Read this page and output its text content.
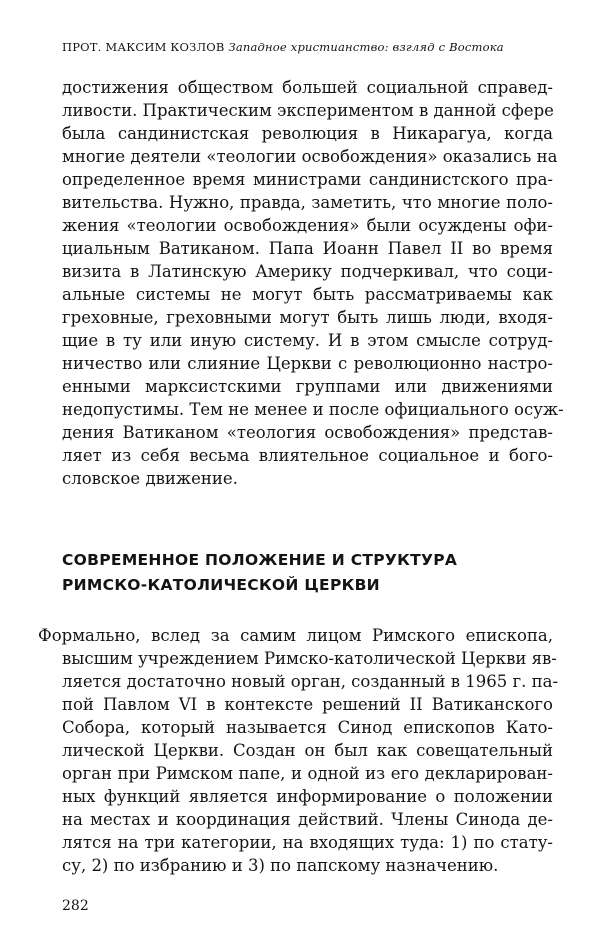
ПРОТ. МАКСИМ КОЗЛОВ Западное христианство: взгляд с Востока
достижения обществом большей социальной справед-
ливости. Практическим экспериментом в данной сфере
была сандинистская революция в Никарагуа, когда
многие деятели «теологии освобождения» оказались на
определенное время министрами сандинистского пра-
вительства. Нужно, правда, заметить, что многие поло-
жения «теологии освобождения» были осуждены офи-
циальным Ватиканом. Папа Иоанн Павел II во время
визита в Латинскую Америку подчеркивал, что соци-
альные системы не могут быть рассматриваемы как
греховные, греховными могут быть лишь люди, входя-
щие в ту или иную систему. И в этом смысле сотруд-
ничество или слияние Церкви с революционно настро-
енными марксистскими группами или движениями
недопустимы. Тем не менее и после официального осуж-
дения Ватиканом «теология освобождения» представ-
ляет из себя весьма влиятельное социальное и бого-
словское движение.
СОВРЕМЕННОЕ ПОЛОЖЕНИЕ И СТРУКТУРА
РИМСКО-КАТОЛИЧЕСКОЙ ЦЕРКВИ
Формально, вслед за самим лицом Римского епископа,
высшим учреждением Римско-католической Церкви яв-
ляется достаточно новый орган, созданный в 1965 г. па-
пой Павлом VI в контексте решений II Ватиканского
Собора, который называется Синод епископов Като-
лической Церкви. Создан он был как совещательный
орган при Римском папе, и одной из его декларирован-
ных функций является информирование о положении
на местах и координация действий. Члены Синода де-
лятся на три категории, на входящих туда: 1) по стату-
су, 2) по избранию и 3) по папскому назначению.
282
